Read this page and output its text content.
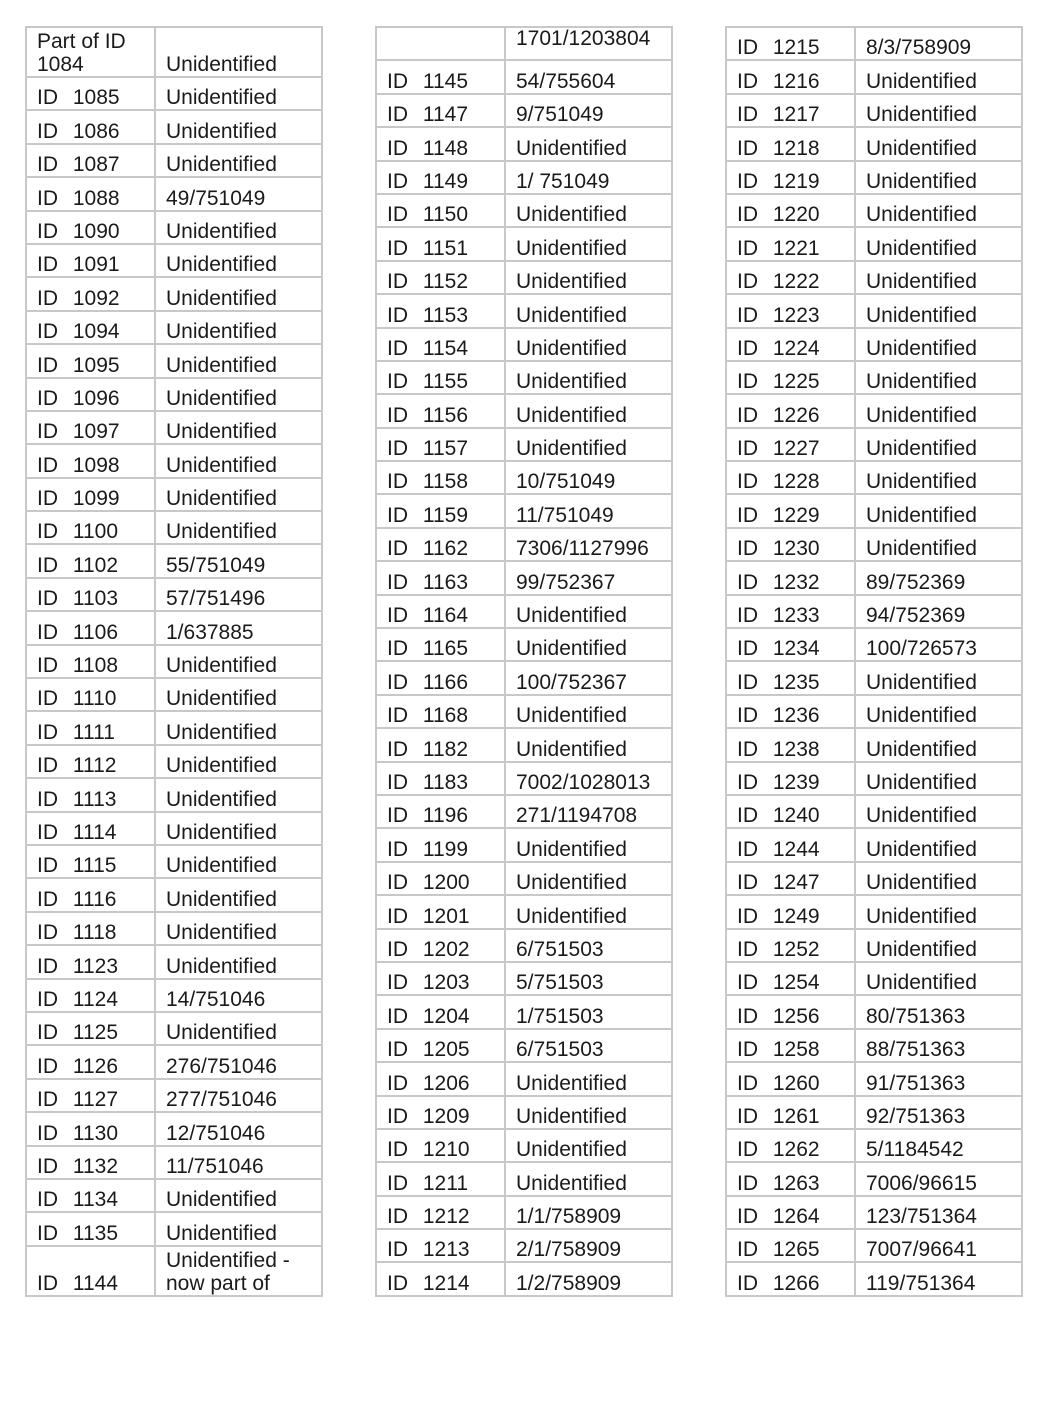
Part of ID 1084	Unidentified
ID 1085	Unidentified
ID 1086	Unidentified
ID 1087	Unidentified
ID 1088	49/751049
ID 1090	Unidentified
ID 1091	Unidentified
ID 1092	Unidentified
ID 1094	Unidentified
ID 1095	Unidentified
ID 1096	Unidentified
ID 1097	Unidentified
ID 1098	Unidentified
ID 1099	Unidentified
ID 1100	Unidentified
ID 1102	55/751049
ID 1103	57/751496
ID 1106	1/637885
ID 1108	Unidentified
ID 1110	Unidentified
ID 1111	Unidentified
ID 1112	Unidentified
ID 1113	Unidentified
ID 1114	Unidentified
ID 1115	Unidentified
ID 1116	Unidentified
ID 1118	Unidentified
ID 1123	Unidentified
ID 1124	14/751046
ID 1125	Unidentified
ID 1126	276/751046
ID 1127	277/751046
ID 1130	12/751046
ID 1132	11/751046
ID 1134	Unidentified
ID 1135	Unidentified
ID 1144	Unidentified - now part of
	1701/1203804
ID 1145	54/755604
ID 1147	9/751049
ID 1148	Unidentified
ID 1149	1/ 751049
ID 1150	Unidentified
ID 1151	Unidentified
ID 1152	Unidentified
ID 1153	Unidentified
ID 1154	Unidentified
ID 1155	Unidentified
ID 1156	Unidentified
ID 1157	Unidentified
ID 1158	10/751049
ID 1159	11/751049
ID 1162	7306/1127996
ID 1163	99/752367
ID 1164	Unidentified
ID 1165	Unidentified
ID 1166	100/752367
ID 1168	Unidentified
ID 1182	Unidentified
ID 1183	7002/1028013
ID 1196	271/1194708
ID 1199	Unidentified
ID 1200	Unidentified
ID 1201	Unidentified
ID 1202	6/751503
ID 1203	5/751503
ID 1204	1/751503
ID 1205	6/751503
ID 1206	Unidentified
ID 1209	Unidentified
ID 1210	Unidentified
ID 1211	Unidentified
ID 1212	1/1/758909
ID 1213	2/1/758909
ID 1214	1/2/758909
ID 1215	8/3/758909
ID 1216	Unidentified
ID 1217	Unidentified
ID 1218	Unidentified
ID 1219	Unidentified
ID 1220	Unidentified
ID 1221	Unidentified
ID 1222	Unidentified
ID 1223	Unidentified
ID 1224	Unidentified
ID 1225	Unidentified
ID 1226	Unidentified
ID 1227	Unidentified
ID 1228	Unidentified
ID 1229	Unidentified
ID 1230	Unidentified
ID 1232	89/752369
ID 1233	94/752369
ID 1234	100/726573
ID 1235	Unidentified
ID 1236	Unidentified
ID 1238	Unidentified
ID 1239	Unidentified
ID 1240	Unidentified
ID 1244	Unidentified
ID 1247	Unidentified
ID 1249	Unidentified
ID 1252	Unidentified
ID 1254	Unidentified
ID 1256	80/751363
ID 1258	88/751363
ID 1260	91/751363
ID 1261	92/751363
ID 1262	5/1184542
ID 1263	7006/96615
ID 1264	123/751364
ID 1265	7007/96641
ID 1266	119/751364
